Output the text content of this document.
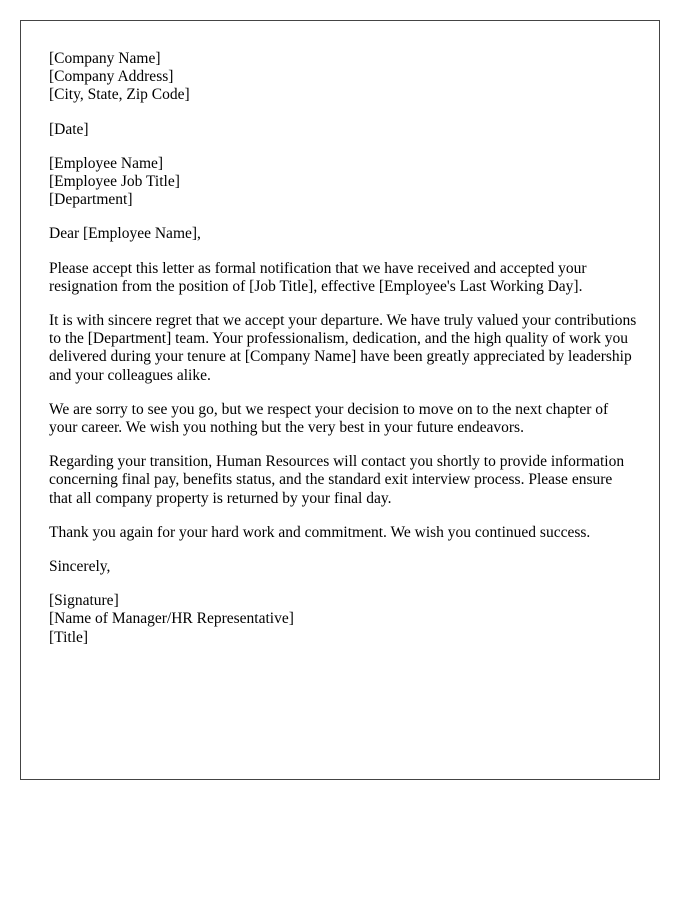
[Company Name]
[Company Address]
[City, State, Zip Code]
[Date]
[Employee Name]
[Employee Job Title]
[Department]

Dear [Employee Name],

Please accept this letter as formal notification that we have received and accepted your resignation from the position of [Job Title], effective [Employee's Last Working Day].

It is with sincere regret that we accept your departure. We have truly valued your contributions to the [Department] team. Your professionalism, dedication, and the high quality of work you delivered during your tenure at [Company Name] have been greatly appreciated by leadership and your colleagues alike.

We are sorry to see you go, but we respect your decision to move on to the next chapter of your career. We wish you nothing but the very best in your future endeavors.

Regarding your transition, Human Resources will contact you shortly to provide information concerning final pay, benefits status, and the standard exit interview process. Please ensure that all company property is returned by your final day.

Thank you again for your hard work and commitment. We wish you continued success.

Sincerely,

[Signature]
[Name of Manager/HR Representative]
[Title]
